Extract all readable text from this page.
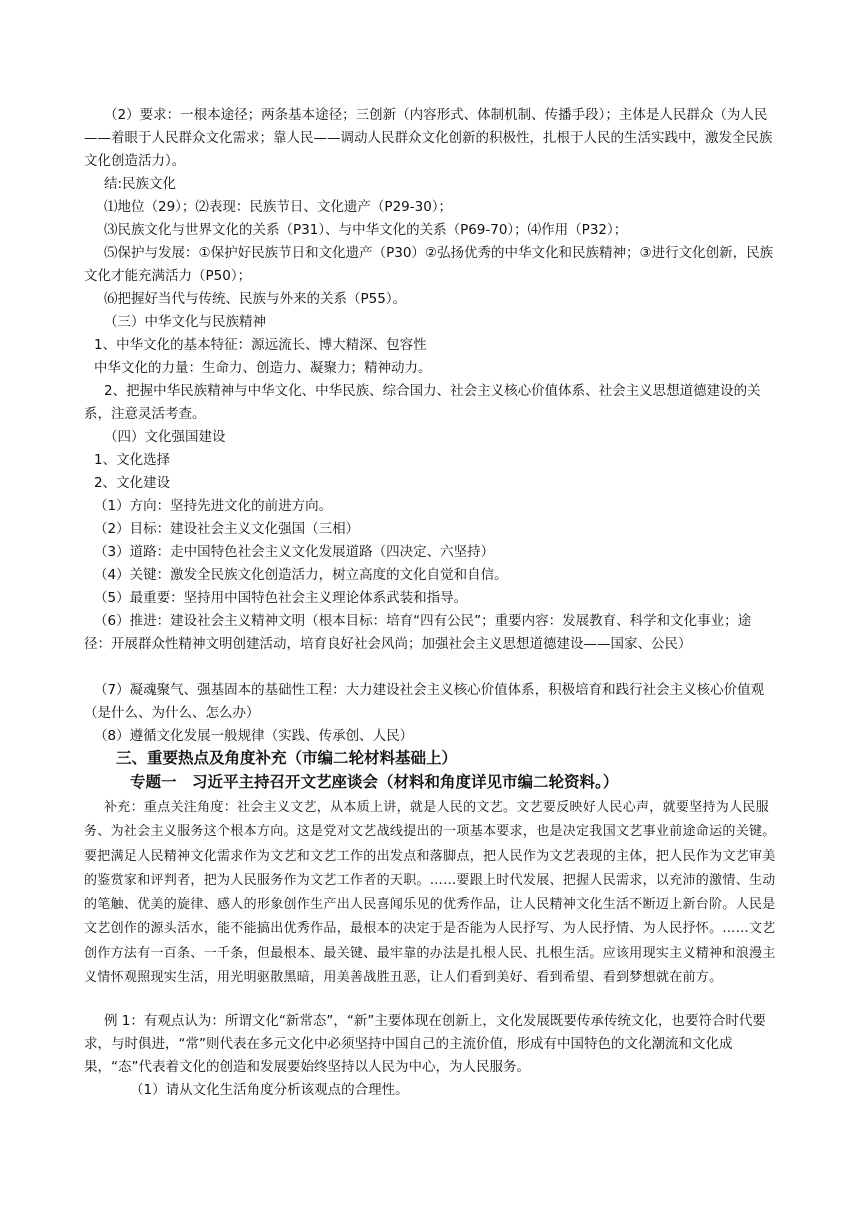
（2）要求：一根本途径；两条基本途径；三创新（内容形式、体制机制、传播手段）；主体是人民群众（为人民——着眼于人民群众文化需求；靠人民——调动人民群众文化创新的积极性，扎根于人民的生活实践中，激发全民族文化创造活力）。
结:民族文化
⑴地位（29）；⑵表现：民族节日、文化遗产（P29-30）；
⑶民族文化与世界文化的关系（P31）、与中华文化的关系（P69-70）；⑷作用（P32）；
⑸保护与发展：①保护好民族节日和文化遗产（P30）②弘扬优秀的中华文化和民族精神；③进行文化创新，民族文化才能充满活力（P50）；
⑹把握好当代与传统、民族与外来的关系（P55）。
（三）中华文化与民族精神
1、中华文化的基本特征：源远流长、博大精深、包容性
中华文化的力量：生命力、创造力、凝聚力；精神动力。
2、把握中华民族精神与中华文化、中华民族、综合国力、社会主义核心价值体系、社会主义思想道德建设的关系，注意灵活考查。
（四）文化强国建设
1、文化选择
2、文化建设
（1）方向：坚持先进文化的前进方向。
（2）目标：建设社会主义文化强国（三相）
（3）道路：走中国特色社会主义文化发展道路（四决定、六坚持）
（4）关键：激发全民族文化创造活力，树立高度的文化自觉和自信。
（5）最重要：坚持用中国特色社会主义理论体系武装和指导。
（6）推进：建设社会主义精神文明（根本目标：培育“四有公民”；重要内容：发展教育、科学和文化事业；途径：开展群众性精神文明创建活动，培育良好社会风尚；加强社会主义思想道德建设——国家、公民）
（7）凝魂聚气、强基固本的基础性工程：大力建设社会主义核心价值体系，积极培育和践行社会主义核心价值观（是什么、为什么、怎么办）
（8）遵循文化发展一般规律（实践、传承创、人民）
三、重要热点及角度补充（市编二轮材料基础上）
专题一　习近平主持召开文艺座谈会（材料和角度详见市编二轮资料。）
补充：重点关注角度：社会主义文艺，从本质上讲，就是人民的文艺。文艺要反映好人民心声，就要坚持为人民服务、为社会主义服务这个根本方向。这是党对文艺战线提出的一项基本要求，也是决定我国文艺事业前途命运的关键。要把满足人民精神文化需求作为文艺和文艺工作的出发点和落脚点，把人民作为文艺表现的主体，把人民作为文艺审美的鉴赏家和评判者，把为人民服务作为文艺工作者的天职。……要跟上时代发展、把握人民需求，以充沛的激情、生动的笔触、优美的旋律、感人的形象创作生产出人民喜闻乐见的优秀作品，让人民精神文化生活不断迈上新台阶。人民是文艺创作的源头活水，能不能搞出优秀作品，最根本的决定于是否能为人民抒写、为人民抒情、为人民抒怀。……文艺创作方法有一百条、一千条，但最根本、最关键、最牢靠的办法是扎根人民、扎根生活。应该用现实主义精神和浪漫主义情怀观照现实生活，用光明驱散黑暗，用美善战胜丑恶，让人们看到美好、看到希望、看到梦想就在前方。
例 1：有观点认为：所谓文化“新常态”，“新”主要体现在创新上，文化发展既要传承传统文化，也要符合时代要求，与时俱进，“常”则代表在多元文化中必须坚持中国自己的主流价值，形成有中国特色的文化潮流和文化成果，“态”代表着文化的创造和发展要始终坚持以人民为中心，为人民服务。
（1）请从文化生活角度分析该观点的合理性。
